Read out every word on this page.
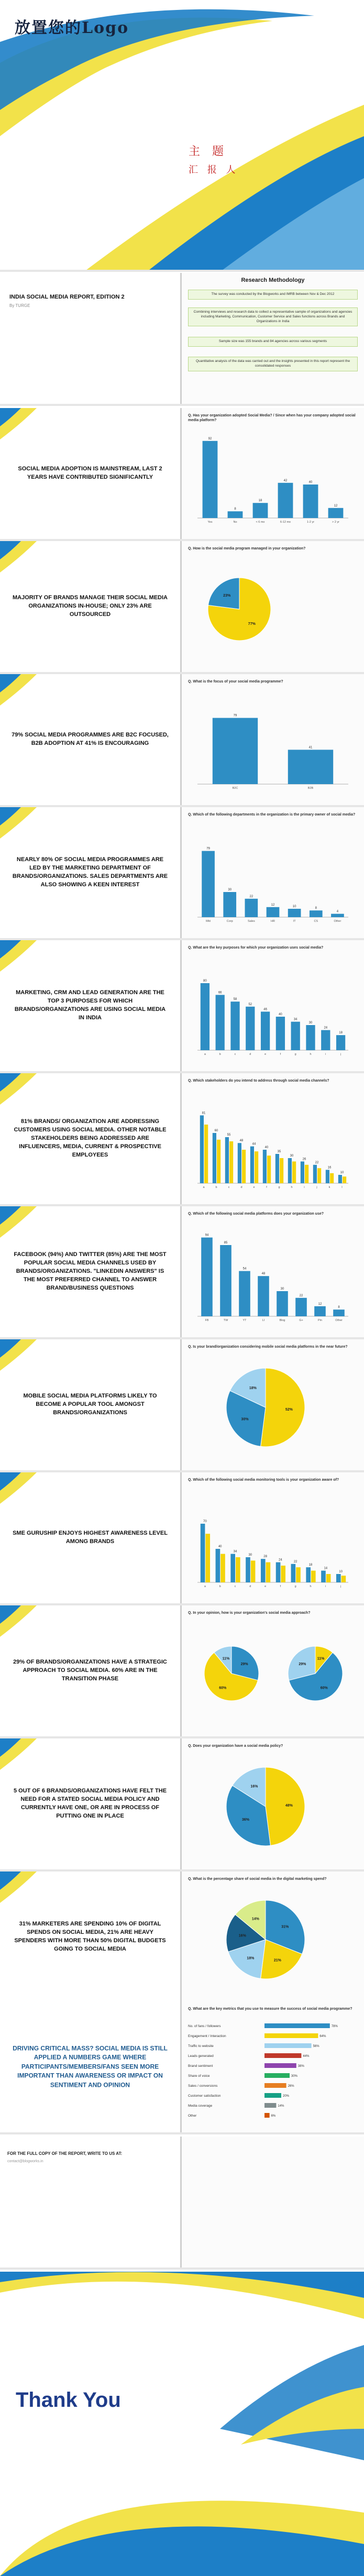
放置您的Logo
主 题
汇 报 人
INDIA SOCIAL MEDIA REPORT, EDITION 2
By TURGE
Research Methodology
The survey was conducted by the Blogworks and IMRB between Nov & Dec 2012
Combining interviews and research data to collect a representative sample of organizations and agencies including Marketing, Communication, Customer Service and Sales functions across Brands and Organizations in India
Sample size was 155 brands and 84 agencies across various segments
Quantitative analysis of the data was carried out and the insights presented in this report represent the consolidated responses
SOCIAL MEDIA ADOPTION IS MAINSTREAM, LAST 2 YEARS HAVE CONTRIBUTED SIGNIFICANTLY
Q. Has your organization adopted Social Media? / Since when has your company adopted social media platform?
92
Yes
8
No
18
< 6 mo
42
6-12 mo
40
1-2 yr
12
> 2 yr
MAJORITY OF BRANDS MANAGE THEIR SOCIAL MEDIA ORGANIZATIONS IN-HOUSE; ONLY 23% ARE OUTSOURCED
Q. How is the social media program managed in your organization?
77%
23%
79% SOCIAL MEDIA PROGRAMMES ARE B2C FOCUSED, B2B ADOPTION AT 41% IS ENCOURAGING
Q. What is the focus of your social media programme?
79
B2C
41
B2B
NEARLY 80% OF SOCIAL MEDIA PROGRAMMES ARE LED BY THE MARKETING DEPARTMENT OF BRANDS/ORGANIZATIONS. SALES DEPARTMENTS ARE ALSO SHOWING A KEEN INTEREST
Q. Which of the following departments in the organization is the primary owner of social media?
79
Mkt
30
Corp
22
Sales
12
HR
10
IT
8
CS
4
Other
MARKETING, CRM AND LEAD GENERATION ARE THE TOP 3 PURPOSES FOR WHICH BRANDS/ORGANIZATIONS ARE USING SOCIAL MEDIA IN INDIA
Q. What are the key purposes for which your organization uses social media?
80
a
66
b
58
c
52
d
46
e
40
f
34
g
30
h
24
i
18
j
81% BRANDS/ ORGANIZATION ARE ADDRESSING CUSTOMERS USING SOCIAL MEDIA. OTHER NOTABLE STAKEHOLDERS BEING ADDRESSED ARE INFLUENCERS, MEDIA, CURRENT & PROSPECTIVE EMPLOYEES
Q. Which stakeholders do you intend to address through social media channels?
81
a
60
b
55
c
48
d
44
e
40
f
35
g
30
h
26
i
22
j
16
k
10
l
FACEBOOK (94%) AND TWITTER (85%) ARE THE MOST POPULAR SOCIAL MEDIA CHANNELS USED BY BRANDS/ORGANIZATIONS. "LINKEDIN ANSWERS" IS THE MOST PREFERRED CHANNEL TO ANSWER BRAND/BUSINESS QUESTIONS
Q. Which of the following social media platforms does your organization use?
94
FB
85
TW
54
YT
48
LI
30
Blog
22
G+
12
Pin
8
Other
MOBILE SOCIAL MEDIA PLATFORMS LIKELY TO BECOME A POPULAR TOOL AMONGST BRANDS/ORGANIZATIONS
Q. Is your brand/organization considering mobile social media platforms in the near future?
52%
30%
18%
SME GURUSHIP ENJOYS HIGHEST AWARENESS LEVEL AMONG BRANDS
Q. Which of the following social media monitoring tools is your organization aware of?
70
a
40
b
34
c
30
d
28
e
24
f
22
g
18
h
14
i
10
j
29% OF BRANDS/ORGANIZATIONS HAVE A STRATEGIC APPROACH TO SOCIAL MEDIA. 60% ARE IN THE TRANSITION PHASE
Q. In your opinion, how is your organization's social media approach?
29%
60%
11%	11%
60%
29%
5 OUT OF 6 BRANDS/ORGANIZATIONS HAVE FELT THE NEED FOR A STATED SOCIAL MEDIA POLICY AND CURRENTLY HAVE ONE, OR ARE IN PROCESS OF PUTTING ONE IN PLACE
Q. Does your organization have a social media policy?
48%
36%
16%
31% MARKETERS ARE SPENDING 10% OF DIGITAL SPENDS ON SOCIAL MEDIA, 21% ARE HEAVY SPENDERS WITH MORE THAN 50% DIGITAL BUDGETS GOING TO SOCIAL MEDIA
Q. What is the percentage share of social media in the digital marketing spend?
31%
21%
18%
16%
14%
DRIVING CRITICAL MASS? SOCIAL MEDIA IS STILL APPLIED A NUMBERS GAME WHERE PARTICIPANTS/MEMBERS/FANS SEEN MORE IMPORTANT THAN AWARENESS OR IMPACT ON SENTIMENT AND OPINION
Q. What are the key metrics that you use to measure the success of social media programme?
No. of fans / followers	78%
Engagement / Interaction	64%
Traffic to website	56%
Leads generated	44%
Brand sentiment	38%
Share of voice	30%
Sales / conversions	26%
Customer satisfaction	20%
Media coverage	14%
Other	6%
FOR THE FULL COPY OF THE REPORT, WRITE TO US AT:
contact@blogworks.in
Thank You
